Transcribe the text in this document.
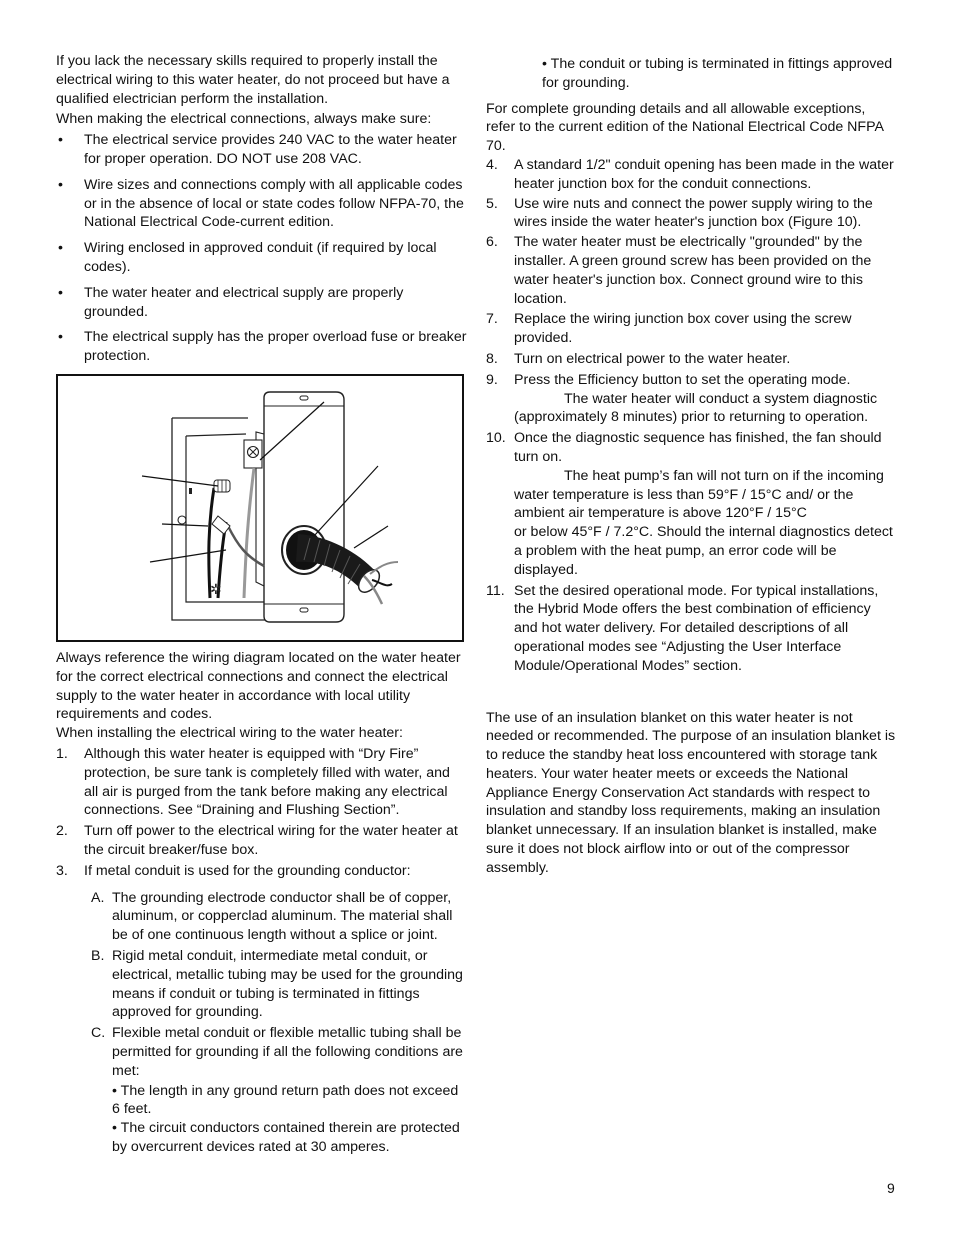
If you lack the necessary skills required to properly install the electrical wiring to this water heater, do not proceed but have a qualified electrician perform the installation.

When making the electrical connections, always make sure:

• The electrical service provides 240 VAC to the water heater for proper operation. DO NOT use 208 VAC.
• Wire sizes and connections comply with all applicable codes or in the absence of local or state codes follow NFPA-70, the National Electrical Code-current edition.
• Wiring enclosed in approved conduit (if required by local codes).
• The water heater and electrical supply are properly grounded.
• The electrical supply has the proper overload fuse or breaker protection.
✲

Always reference the wiring diagram located on the water heater for the correct electrical connections and connect the electrical supply to the water heater in accordance with local utility requirements and codes.

When installing the electrical wiring to the water heater:

1. Although this water heater is equipped with “Dry Fire” protection, be sure tank is completely filled with water, and all air is purged from the tank before making any electrical connections. See “Draining and Flushing Section”.
2. Turn off power to the electrical wiring for the water heater at the circuit breaker/fuse box.
3. If metal conduit is used for the grounding conductor:
A. The grounding electrode conductor shall be of copper, aluminum, or copperclad aluminum. The material shall be of one continuous length without a splice or joint.
B. Rigid metal conduit, intermediate metal conduit, or electrical, metallic tubing may be used for the grounding means if conduit or tubing is terminated in fittings approved for grounding.
C. Flexible metal conduit or flexible metallic tubing shall be permitted for grounding if all the following conditions are met:

• The length in any ground return path does not exceed 6 feet.

• The circuit conductors contained therein are protected by overcurrent devices rated at 30 amperes.

• The conduit or tubing is terminated in fittings approved for grounding.

For complete grounding details and all allowable exceptions, refer to the current edition of the National Electrical Code NFPA 70.

4. A standard 1/2" conduit opening has been made in the water heater junction box for the conduit connections.
5. Use wire nuts and connect the power supply wiring to the wires inside the water heater's junction box (Figure 10).
6. The water heater must be electrically "grounded" by the installer. A green ground screw has been provided on the water heater's junction box. Connect ground wire to this location.
7. Replace the wiring junction box cover using the screw provided.
8. Turn on electrical power to the water heater.
9. Press the Efficiency button to set the operating mode.
The water heater will conduct a system diagnostic (approximately 8 minutes) prior to returning to operation.
10. Once the diagnostic sequence has finished, the fan should turn on.
The heat pump’s fan will not turn on if the incoming water temperature is less than 59°F / 15°C and/ or the ambient air temperature is above 120°F / 15°C
or below 45°F / 7.2°C. Should the internal diagnostics detect a problem with the heat pump, an error code will be displayed.
11. Set the desired operational mode. For typical installations, the Hybrid Mode offers the best combination of efficiency and hot water delivery. For detailed descriptions of all operational modes see “Adjusting the User Interface Module/Operational Modes” section.

The use of an insulation blanket on this water heater is not needed or recommended. The purpose of an insulation blanket is to reduce the standby heat loss encountered with storage tank heaters. Your water heater meets or exceeds the National Appliance Energy Conservation Act standards with respect to insulation and standby loss requirements, making an insulation blanket unnecessary. If an insulation blanket is installed, make sure it does not block airflow into or out of the compressor assembly.

9
